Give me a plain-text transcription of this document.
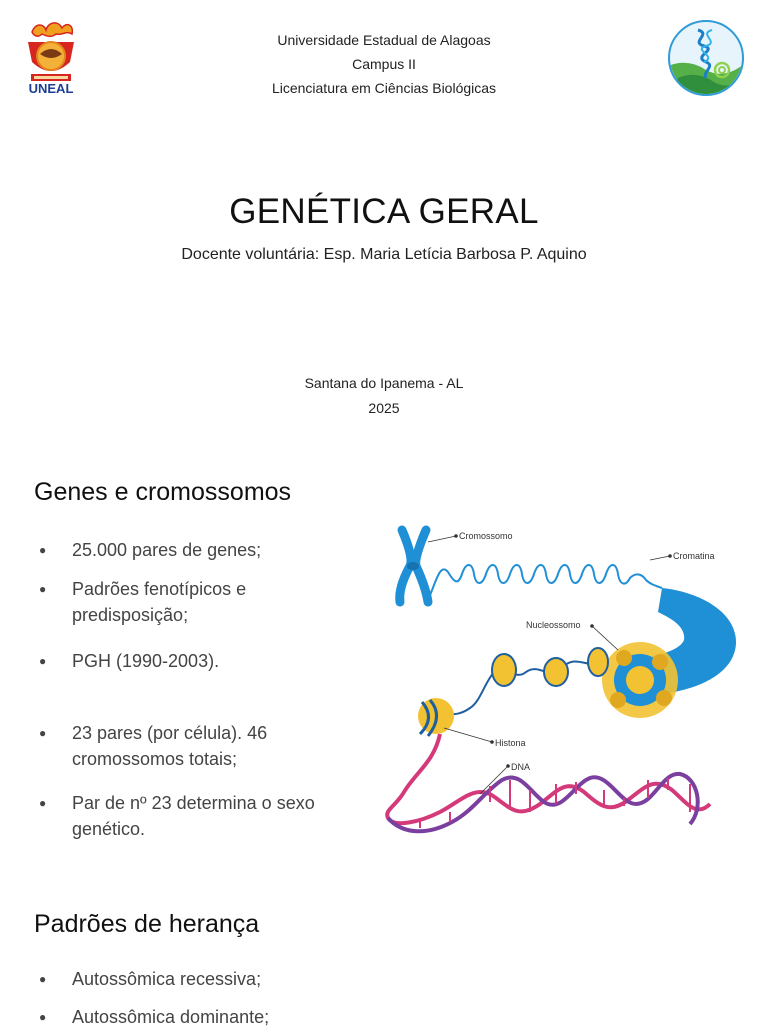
UNEAL
Universidade Estadual de Alagoas
Campus II
Licenciatura em Ciências Biológicas
GENÉTICA GERAL
Docente voluntária: Esp. Maria Letícia Barbosa P. Aquino
Santana do Ipanema - AL
2025
Genes e cromossomos
● 25.000 pares de genes;
● Padrões fenotípicos e predisposição;
● PGH (1990-2003).
● 23 pares (por célula). 46 cromossomos totais;
● Par de nº 23 determina o sexo genético.
Cromossomo
Cromatina
Nucleossomo
Histona
DNA
Padrões de herança
● Autossômica recessiva;
● Autossômica dominante;
